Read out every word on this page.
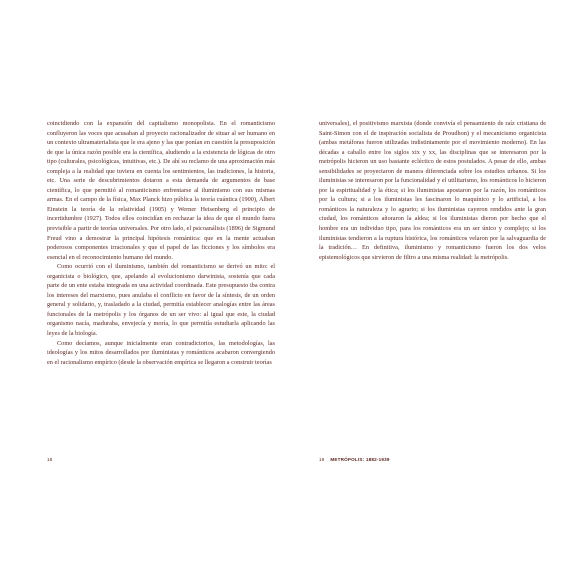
coincidiendo con la expansión del capitalismo monopolista. En el romanticismo confluyeron las voces que acusaban al proyecto racionalizador de situar al ser humano en un contexto ultramaterialista que le era ajeno y las que ponían en cuestión la presuposición de que la única razón posible era la científica, aludiendo a la existencia de lógicas de otro tipo (culturales, psicológicas, intuitivas, etc.). De ahí su reclamo de una aproximación más compleja a la realidad que tuviera en cuenta los sentimientos, las tradiciones, la historia, etc. Una serie de descubrimientos dotaron a esta demanda de argumentos de base científica, lo que permitió al romanticismo enfrentarse al iluminismo con sus mismas armas. En el campo de la física, Max Planck hizo pública la teoría cuántica (1900), Albert Einstein la teoría de la relatividad (1905) y Werner Heisenberg el principio de incertidumbre (1927). Todos ellos coincidían en rechazar la idea de que el mundo fuera previsible a partir de teorías universales. Por otro lado, el psicoanálisis (1896) de Sigmund Freud vino a demostrar la principal hipótesis romántica: que en la mente actuaban poderosos componentes irracionales y que el papel de las ficciones y los símbolos era esencial en el reconocimiento humano del mundo.

Como ocurrió con el iluminismo, también del romanticismo se derivó un mito: el organicista o biológico, que, apelando al evolucionismo darwinista, sostenía que cada parte de un ente estaba integrada en una actividad coordinada. Este presupuesto iba contra los intereses del marxismo, pues anulaba el conflicto en favor de la síntesis, de un orden general y solidario, y, trasladado a la ciudad, permitía establecer analogías entre las áreas funcionales de la metrópolis y los órganos de un ser vivo: al igual que este, la ciudad organismo nacía, maduraba, envejecía y moría, lo que permitía estudiarla aplicando las leyes de la biología.

Como decíamos, aunque inicialmente eran contradictorios, las metodologías, las ideologías y los mitos desarrollados por iluministas y románticos acabaron convergiendo en el racionalismo empírico (desde la observación empírica se llegaron a construir teorías

universales), el positivismo marxista (donde convivía el pensamiento de raíz cristiana de Saint-Simon con el de inspiración socialista de Proudhon) y el mecanicismo organicista (ambas metáforas fueron utilizadas indistintamente por el movimiento moderno). En las décadas a caballo entre los siglos xix y xx, las disciplinas que se interesaron por la metrópolis hicieron un uso bastante ecléctico de estos postulados. A pesar de ello, ambas sensibilidades se proyectaron de manera diferenciada sobre los estudios urbanos. Si los iluministas se interesaron por la funcionalidad y el utilitarismo, los románticos lo hicieron por la espiritualidad y la ética; si los iluministas apostaron por la razón, los románticos por la cultura; si a los iluministas les fascinaron lo maquínico y lo artificial, a los románticos la naturaleza y lo agrario; si los iluministas cayeron rendidos ante la gran ciudad, los románticos añoraron la aldea; si los iluministas dieron por hecho que el hombre era un individuo tipo, para los románticos era un ser único y complejo; si los iluministas tendieron a la ruptura histórica, los románticos velaron por la salvaguardia de la tradición… En definitiva, iluminismo y romanticismo fueron los dos velos epistemológicos que sirvieron de filtro a una misma realidad: la metrópolis.

18	19 METRÓPOLIS: 1882-1939
